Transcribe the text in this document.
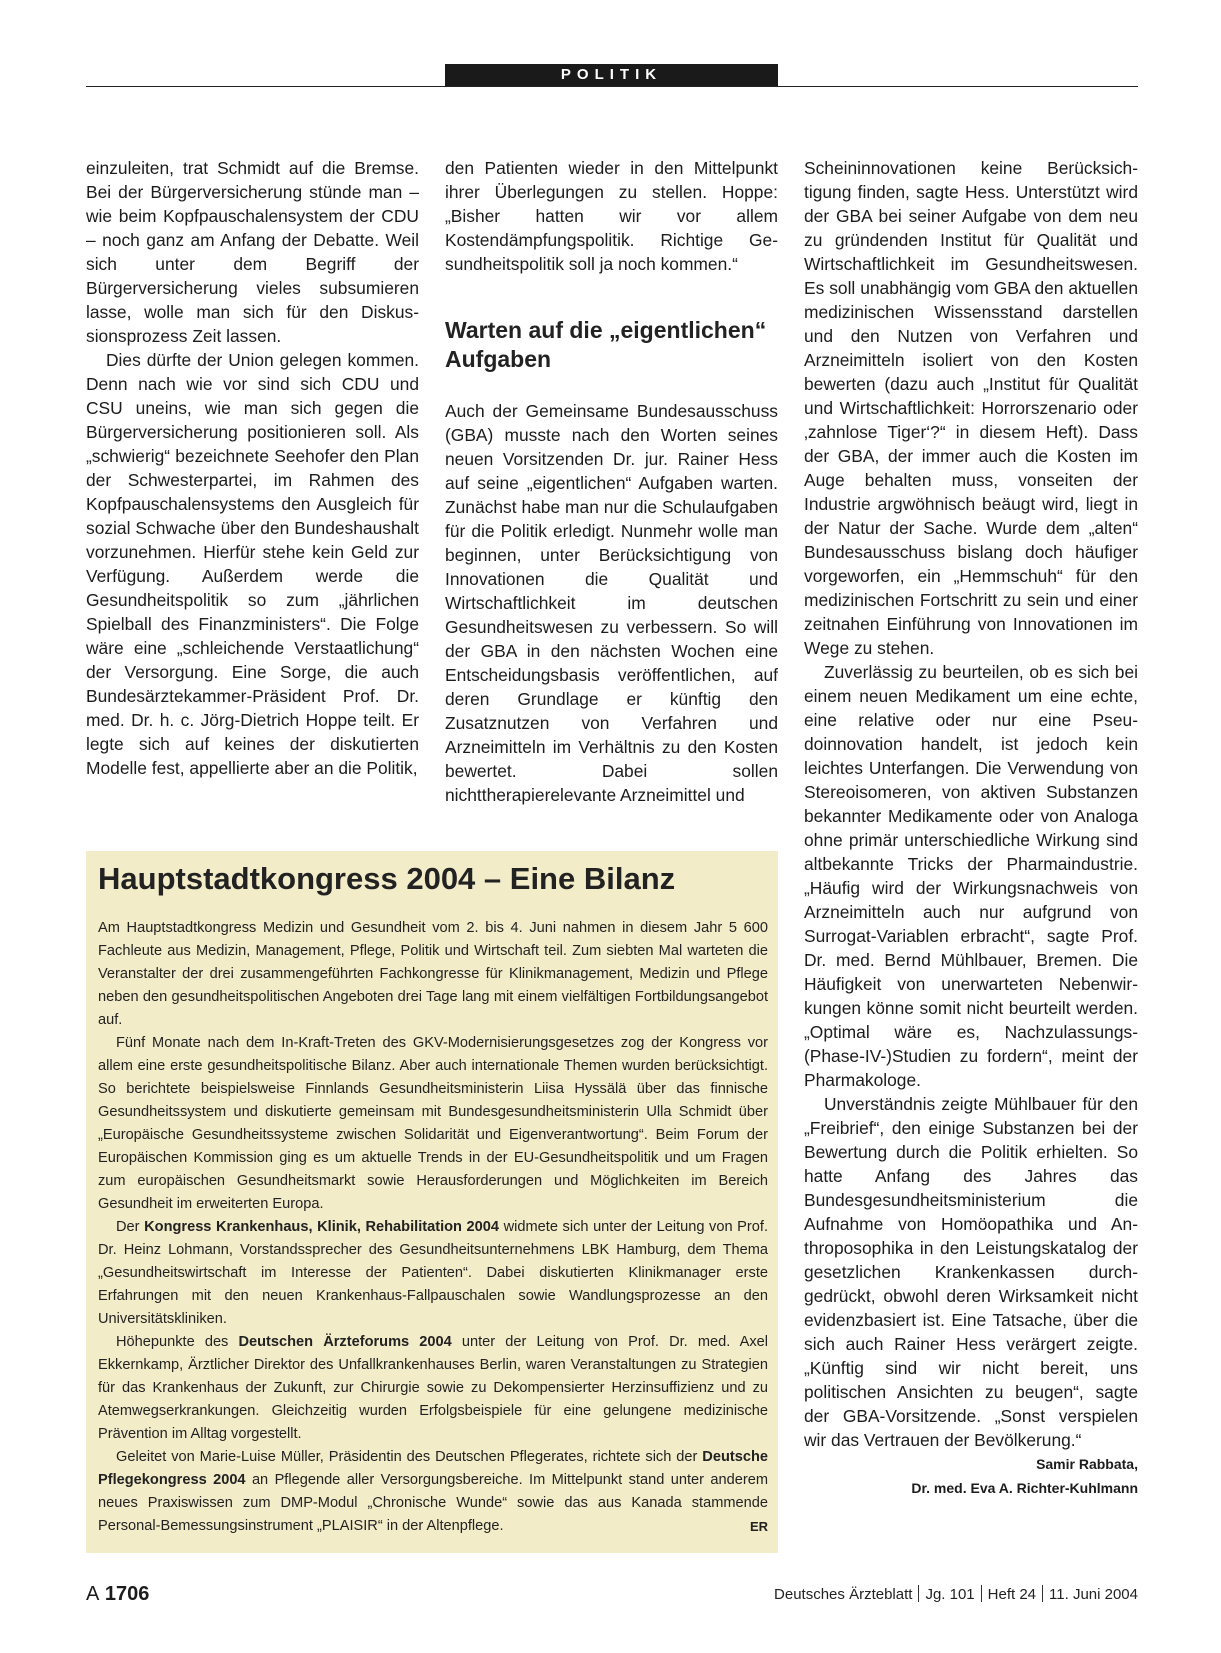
POLITIK

einzuleiten, trat Schmidt auf die Bremse. Bei der Bürgerversicherung stünde man – wie beim Kopfpauschalensystem der CDU – noch ganz am Anfang der Debatte. Weil sich unter dem Begriff der Bürgerversicherung vieles subsumieren lasse, wolle man sich für den Diskussionsprozess Zeit lassen.

Dies dürfte der Union gelegen kommen. Denn nach wie vor sind sich CDU und CSU uneins, wie man sich gegen die Bürgerversicherung positionieren soll. Als „schwierig“ bezeichnete Seehofer den Plan der Schwesterpartei, im Rahmen des Kopfpauschalensystems den Ausgleich für sozial Schwache über den Bundeshaushalt vorzunehmen. Hierfür stehe kein Geld zur Verfügung. Außerdem werde die Gesundheitspolitik so zum „jährlichen Spielball des Finanzministers“. Die Folge wäre eine „schleichende Verstaatlichung“ der Versorgung. Eine Sorge, die auch Bundesärztekammer-Präsident Prof. Dr. med. Dr. h. c. Jörg-Dietrich Hoppe teilt. Er legte sich auf keines der diskutierten Modelle fest, appellierte aber an die Politik,

den Patienten wieder in den Mittelpunkt ihrer Überlegungen zu stellen. Hoppe: „Bisher hatten wir vor allem Kostendämpfungspolitik. Richtige Gesundheitspolitik soll ja noch kommen.“

Warten auf die „eigentlichen“ Aufgaben

Auch der Gemeinsame Bundesausschuss (GBA) musste nach den Worten seines neuen Vorsitzenden Dr. jur. Rainer Hess auf seine „eigentlichen“ Aufgaben warten. Zunächst habe man nur die Schulaufgaben für die Politik erledigt. Nunmehr wolle man beginnen, unter Berücksichtigung von Innovationen die Qualität und Wirtschaftlichkeit im deutschen Gesundheitswesen zu verbessern. So will der GBA in den nächsten Wochen eine Entscheidungsbasis veröffentlichen, auf deren Grundlage er künftig den Zusatznutzen von Verfahren und Arzneimitteln im Verhältnis zu den Kosten bewertet. Dabei sollen nichttherapierelevante Arzneimittel und

Scheininnovationen keine Berücksichtigung finden, sagte Hess. Unterstützt wird der GBA bei seiner Aufgabe von dem neu zu gründenden Institut für Qualität und Wirtschaftlichkeit im Gesundheitswesen. Es soll unabhängig vom GBA den aktuellen medizinischen Wissensstand darstellen und den Nutzen von Verfahren und Arzneimitteln isoliert von den Kosten bewerten (dazu auch „Institut für Qualität und Wirtschaftlichkeit: Horrorszenario oder ‚zahnlose Tiger‘?“ in diesem Heft). Dass der GBA, der immer auch die Kosten im Auge behalten muss, vonseiten der Industrie argwöhnisch beäugt wird, liegt in der Natur der Sache. Wurde dem „alten“ Bundesausschuss bislang doch häufiger vorgeworfen, ein „Hemmschuh“ für den medizinischen Fortschritt zu sein und einer zeitnahen Einführung von Innovationen im Wege zu stehen.

Zuverlässig zu beurteilen, ob es sich bei einem neuen Medikament um eine echte, eine relative oder nur eine Pseudoinnovation handelt, ist jedoch kein leichtes Unterfangen. Die Verwendung von Stereoisomeren, von aktiven Substanzen bekannter Medikamente oder von Analoga ohne primär unterschiedliche Wirkung sind altbekannte Tricks der Pharmaindustrie. „Häufig wird der Wirkungsnachweis von Arzneimitteln auch nur aufgrund von Surrogat-Variablen erbracht“, sagte Prof. Dr. med. Bernd Mühlbauer, Bremen. Die Häufigkeit von unerwarteten Nebenwirkungen könne somit nicht beurteilt werden. „Optimal wäre es, Nachzulassungs-(Phase-IV-)Studien zu fordern“, meint der Pharmakologe.

Unverständnis zeigte Mühlbauer für den „Freibrief“, den einige Substanzen bei der Bewertung durch die Politik erhielten. So hatte Anfang des Jahres das Bundesgesundheitsministerium die Aufnahme von Homöopathika und Anthroposophika in den Leistungskatalog der gesetzlichen Krankenkassen durchgedrückt, obwohl deren Wirksamkeit nicht evidenzbasiert ist. Eine Tatsache, über die sich auch Rainer Hess verärgert zeigte. „Künftig sind wir nicht bereit, uns politischen Ansichten zu beugen“, sagte der GBA-Vorsitzende. „Sonst verspielen wir das Vertrauen der Bevölkerung.“

Samir Rabbata,
Dr. med. Eva A. Richter-Kuhlmann
Hauptstadtkongress 2004 – Eine Bilanz

Am Hauptstadtkongress Medizin und Gesundheit vom 2. bis 4. Juni nahmen in diesem Jahr 5 600 Fachleute aus Medizin, Management, Pflege, Politik und Wirtschaft teil. Zum siebten Mal warteten die Veranstalter der drei zusammengeführten Fachkongresse für Klinikmanagement, Medizin und Pflege neben den gesundheitspolitischen Angeboten drei Tage lang mit einem vielfältigen Fortbildungsangebot auf.

Fünf Monate nach dem In-Kraft-Treten des GKV-Modernisierungsgesetzes zog der Kongress vor allem eine erste gesundheitspolitische Bilanz. Aber auch internationale Themen wurden berücksichtigt. So berichtete beispielsweise Finnlands Gesundheitsministerin Liisa Hyssälä über das finnische Gesundheitssystem und diskutierte gemeinsam mit Bundesgesundheitsministerin Ulla Schmidt über „Europäische Gesundheitssysteme zwischen Solidarität und Eigenverantwortung“. Beim Forum der Europäischen Kommission ging es um aktuelle Trends in der EU-Gesundheitspolitik und um Fragen zum europäischen Gesundheitsmarkt sowie Herausforderungen und Möglichkeiten im Bereich Gesundheit im erweiterten Europa.

Der Kongress Krankenhaus, Klinik, Rehabilitation 2004 widmete sich unter der Leitung von Prof. Dr. Heinz Lohmann, Vorstandssprecher des Gesundheitsunternehmens LBK Hamburg, dem Thema „Gesundheitswirtschaft im Interesse der Patienten“. Dabei diskutierten Klinikmanager erste Erfahrungen mit den neuen Krankenhaus-Fallpauschalen sowie Wandlungsprozesse an den Universitätskliniken.

Höhepunkte des Deutschen Ärzteforums 2004 unter der Leitung von Prof. Dr. med. Axel Ekkernkamp, Ärztlicher Direktor des Unfallkrankenhauses Berlin, waren Veranstaltungen zu Strategien für das Krankenhaus der Zukunft, zur Chirurgie sowie zu Dekompensierter Herzinsuffizienz und zu Atemwegserkrankungen. Gleichzeitig wurden Erfolgsbeispiele für eine gelungene medizinische Prävention im Alltag vorgestellt.

Geleitet von Marie-Luise Müller, Präsidentin des Deutschen Pflegerates, richtete sich der Deutsche Pflegekongress 2004 an Pflegende aller Versorgungsbereiche. Im Mittelpunkt stand unter anderem neues Praxiswissen zum DMP-Modul „Chronische Wunde“ sowie das aus Kanada stammende Personal-Bemessungsinstrument „PLAISIR“ in der Altenpflege.	ER

A 1706	Deutsches Ärzteblatt Jg. 101 Heft 24 11. Juni 2004
